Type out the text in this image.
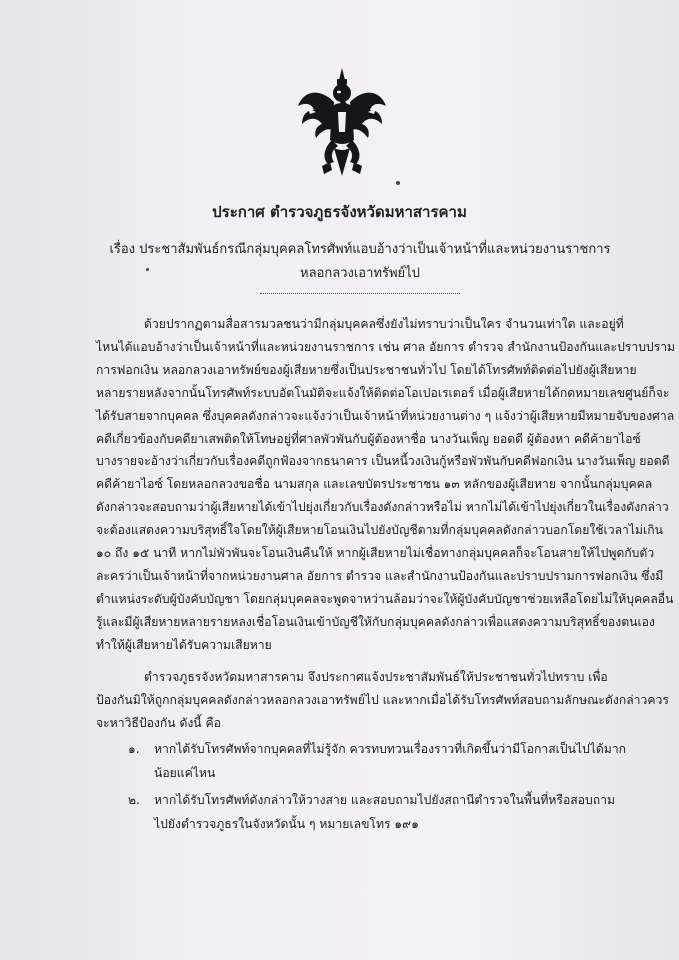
ประกาศ ตำรวจภูธรจังหวัดมหาสารคาม
เรื่อง ประชาสัมพันธ์กรณีกลุ่มบุคคลโทรศัพท์แอบอ้างว่าเป็นเจ้าหน้าที่และหน่วยงานราชการ
หลอกลวงเอาทรัพย์ไป
ด้วยปรากฏตามสื่อสารมวลชนว่ามีกลุ่มบุคคลซึ่งยังไม่ทราบว่าเป็นใคร จำนวนเท่าใด และอยู่ที่
ไหนได้แอบอ้างว่าเป็นเจ้าหน้าที่และหน่วยงานราชการ เช่น ศาล อัยการ ตำรวจ สำนักงานป้องกันและปราบปราม
การฟอกเงิน หลอกลวงเอาทรัพย์ของผู้เสียหายซึ่งเป็นประชาชนทั่วไป โดยได้โทรศัพท์ติดต่อไปยังผู้เสียหาย
หลายรายหลังจากนั้นโทรศัพท์ระบบอัตโนมัติจะแจ้งให้ติดต่อโอเปอเรเตอร์ เมื่อผู้เสียหายได้กดหมายเลขศูนย์ก็จะ
ได้รับสายจากบุคคล ซึ่งบุคคลดังกล่าวจะแจ้งว่าเป็นเจ้าหน้าที่หน่วยงานต่าง ๆ แจ้งว่าผู้เสียหายมีหมายจับของศาล
คดีเกี่ยวข้องกับคดียาเสพติดให้โทษอยู่ที่ศาลพัวพันกับผู้ต้องหาชื่อ นางวันเพ็ญ ยอดดี ผู้ต้องหา คดีค้ายาไอซ์
บางรายจะอ้างว่าเกี่ยวกับเรื่องคดีถูกฟ้องจากธนาคาร เป็นหนี้วงเงินกู้หรือพัวพันกับคดีฟอกเงิน นางวันเพ็ญ ยอดดี
คดีค้ายาไอซ์ โดยหลอกลวงขอชื่อ นามสกุล และเลขบัตรประชาชน ๑๓ หลักของผู้เสียหาย จากนั้นกลุ่มบุคคล
ดังกล่าวจะสอบถามว่าผู้เสียหายได้เข้าไปยุ่งเกี่ยวกับเรื่องดังกล่าวหรือไม่ หากไม่ได้เข้าไปยุ่งเกี่ยวในเรื่องดังกล่าว
จะต้องแสดงความบริสุทธิ์ใจโดยให้ผู้เสียหายโอนเงินไปยังบัญชีตามที่กลุ่มบุคคลดังกล่าวบอกโดยใช้เวลาไม่เกิน
๑๐ ถึง ๑๕ นาที หากไม่พัวพันจะโอนเงินคืนให้ หากผู้เสียหายไม่เชื่อทางกลุ่มบุคคลก็จะโอนสายให้ไปพูดกับตัว
ละครว่าเป็นเจ้าหน้าที่จากหน่วยงานศาล อัยการ ตำรวจ และสำนักงานป้องกันและปราบปรามการฟอกเงิน ซึ่งมี
ตำแหน่งระดับผู้บังคับบัญชา โดยกลุ่มบุคคลจะพูดจาหว่านล้อมว่าจะให้ผู้บังคับบัญชาช่วยเหลือโดยไม่ให้บุคคลอื่น
รู้และมีผู้เสียหายหลายรายหลงเชื่อโอนเงินเข้าบัญชีให้กับกลุ่มบุคคลดังกล่าวเพื่อแสดงความบริสุทธิ์ของตนเอง
ทำให้ผู้เสียหายได้รับความเสียหาย
ตำรวจภูธรจังหวัดมหาสารคาม จึงประกาศแจ้งประชาสัมพันธ์ให้ประชาชนทั่วไปทราบ เพื่อ
ป้องกันมิให้ถูกกลุ่มบุคคลดังกล่าวหลอกลวงเอาทรัพย์ไป และหากเมื่อได้รับโทรศัพท์สอบถามลักษณะดังกล่าวควร
จะหาวิธีป้องกัน ดังนี้ คือ
๑. หากได้รับโทรศัพท์จากบุคคลที่ไม่รู้จัก ควรทบทวนเรื่องราวที่เกิดขึ้นว่ามีโอกาสเป็นไปได้มาก
น้อยแค่ไหน
๒. หากได้รับโทรศัพท์ดังกล่าวให้วางสาย และสอบถามไปยังสถานีตำรวจในพื้นที่หรือสอบถาม
ไปยังตำรวจภูธรในจังหวัดนั้น ๆ หมายเลขโทร ๑๙๑
